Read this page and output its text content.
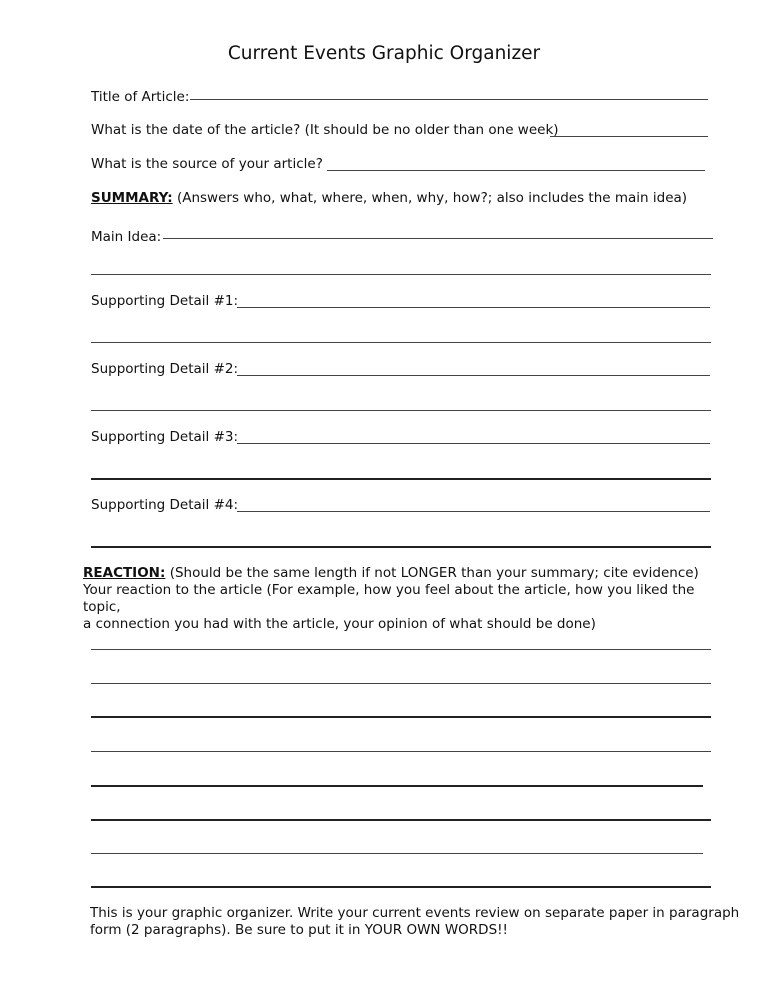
Current Events Graphic Organizer
Title of Article:
What is the date of the article? (It should be no older than one week)
What is the source of your article?
SUMMARY: (Answers who, what, where, when, why, how?; also includes the main idea)
Main Idea:
Supporting Detail #1:
Supporting Detail #2:
Supporting Detail #3:
Supporting Detail #4:
REACTION: (Should be the same length if not LONGER than your summary; cite evidence)
Your reaction to the article (For example, how you feel about the article, how you liked the topic,
a connection you had with the article, your opinion of what should be done)
This is your graphic organizer. Write your current events review on separate paper in paragraph
form (2 paragraphs). Be sure to put it in YOUR OWN WORDS!!
